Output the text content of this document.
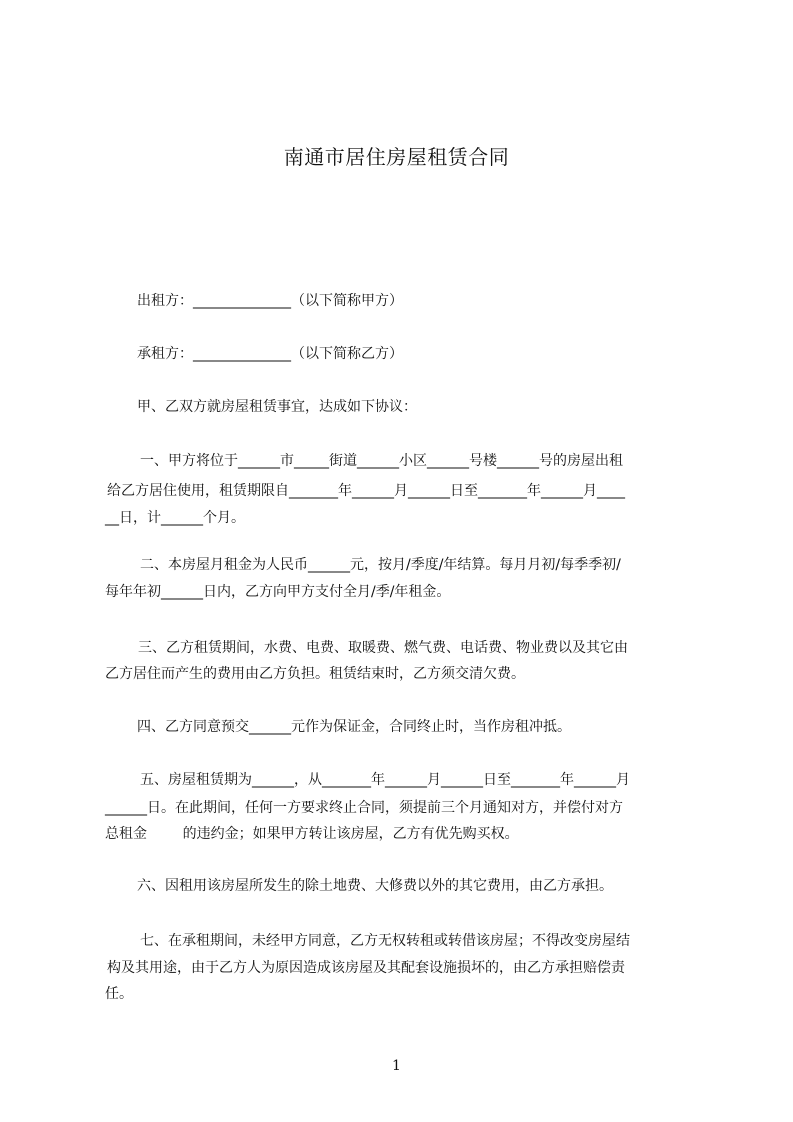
南通市居住房屋租赁合同
出租方：______________（以下简称甲方）
承租方：______________（以下简称乙方）
甲、乙双方就房屋租赁事宜，达成如下协议：
一、甲方将位于______市_____街道______小区______号楼______号的房屋出租
给乙方居住使用，租赁期限自_______年______月______日至_______年______月____
__日，计______个月。
二、本房屋月租金为人民币______元，按月/季度/年结算。每月月初/每季季初/
每年年初______日内，乙方向甲方支付全月/季/年租金。
三、乙方租赁期间，水费、电费、取暖费、燃气费、电话费、物业费以及其它由
乙方居住而产生的费用由乙方负担。租赁结束时，乙方须交清欠费。
四、乙方同意预交______元作为保证金，合同终止时，当作房租冲抵。
五、房屋租赁期为______，从_______年______月______日至_______年______月
______日。在此期间，任何一方要求终止合同，须提前三个月通知对方，并偿付对方
总租金        的违约金；如果甲方转让该房屋，乙方有优先购买权。
六、因租用该房屋所发生的除土地费、大修费以外的其它费用，由乙方承担。
七、在承租期间，未经甲方同意，乙方无权转租或转借该房屋；不得改变房屋结
构及其用途，由于乙方人为原因造成该房屋及其配套设施损坏的，由乙方承担赔偿责
任。
1
